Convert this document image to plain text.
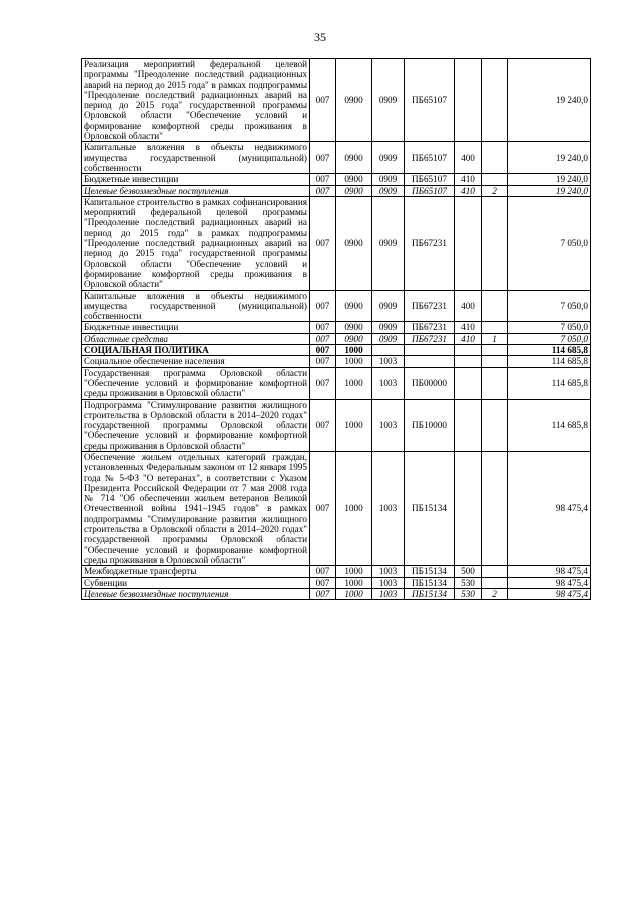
35
Реализация мероприятий федеральной целевой программы "Преодоление последствий радиационных аварий на период до 2015 года" в рамках подпрограммы "Преодоление последствий радиационных аварий на период до 2015 года" государственной программы Орловской области "Обеспечение условий и формирование комфортной среды проживания в Орловской области"	007	0900	0909	ПБ65107			19 240,0
Капитальные вложения в объекты недвижимого имущества государственной (муниципальной) собственности	007	0900	0909	ПБ65107	400		19 240,0
Бюджетные инвестиции	007	0900	0909	ПБ65107	410		19 240,0
Целевые безвозмездные поступления	007	0900	0909	ПБ65107	410	2	19 240,0
Капитальное строительство в рамках софинансирования мероприятий федеральной целевой программы "Преодоление последствий радиационных аварий на период до 2015 года" в рамках подпрограммы "Преодоление последствий радиационных аварий на период до 2015 года" государственной программы Орловской области "Обеспечение условий и формирование комфортной среды проживания в Орловской области"	007	0900	0909	ПБ67231			7 050,0
Капитальные вложения в объекты недвижимого имущества государственной (муниципальной) собственности	007	0900	0909	ПБ67231	400		7 050,0
Бюджетные инвестиции	007	0900	0909	ПБ67231	410		7 050,0
Областные средства	007	0900	0909	ПБ67231	410	1	7 050,0
СОЦИАЛЬНАЯ ПОЛИТИКА	007	1000					114 685,8
Социальное обеспечение населения	007	1000	1003				114 685,8
Государственная программа Орловской области "Обеспечение условий и формирование комфортной среды проживания в Орловской области"	007	1000	1003	ПБ00000			114 685,8
Подпрограмма "Стимулирование развития жилищного строительства в Орловской области в 2014–2020 годах" государственной программы Орловской области "Обеспечение условий и формирование комфортной среды проживания в Орловской области"	007	1000	1003	ПБ10000			114 685,8
Обеспечение жильем отдельных категорий граждан, установленных Федеральным законом от 12 января 1995 года № 5-ФЗ "О ветеранах", в соответствии с Указом Президента Российской Федерации от 7 мая 2008 года № 714 "Об обеспечении жильем ветеранов Великой Отечественной войны 1941–1945 годов" в рамках подпрограммы "Стимулирование развития жилищного строительства в Орловской области в 2014–2020 годах" государственной программы Орловской области "Обеспечение условий и формирование комфортной среды проживания в Орловской области"	007	1000	1003	ПБ15134			98 475,4
Межбюджетные трансферты	007	1000	1003	ПБ15134	500		98 475,4
Субвенции	007	1000	1003	ПБ15134	530		98 475,4
Целевые безвозмездные поступления	007	1000	1003	ПБ15134	530	2	98 475,4
